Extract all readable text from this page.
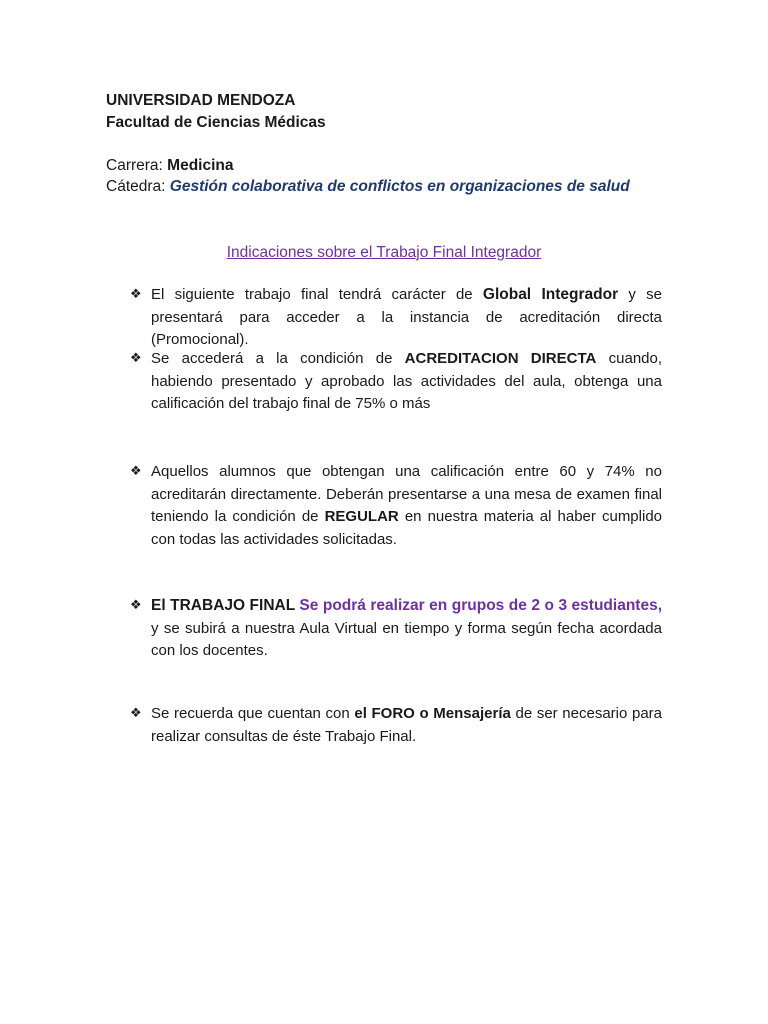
UNIVERSIDAD MENDOZA
Facultad de Ciencias Médicas
Carrera: Medicina
Cátedra: Gestión colaborativa de conflictos en organizaciones de salud
Indicaciones sobre el Trabajo Final Integrador
❖ El siguiente trabajo final tendrá carácter de Global Integrador y se presentará para acceder a la instancia de acreditación directa (Promocional).
❖ Se accederá a la condición de ACREDITACION DIRECTA cuando, habiendo presentado y aprobado las actividades del aula, obtenga una calificación del trabajo final de 75% o más
❖ Aquellos alumnos que obtengan una calificación entre 60 y 74% no acreditarán directamente. Deberán presentarse a una mesa de examen final teniendo la condición de REGULAR en nuestra materia al haber cumplido con todas las actividades solicitadas.
❖ El TRABAJO FINAL Se podrá realizar en grupos de 2 o 3 estudiantes, y se subirá a nuestra Aula Virtual en tiempo y forma según fecha acordada con los docentes.
❖ Se recuerda que cuentan con el FORO o Mensajería de ser necesario para realizar consultas de éste Trabajo Final.
